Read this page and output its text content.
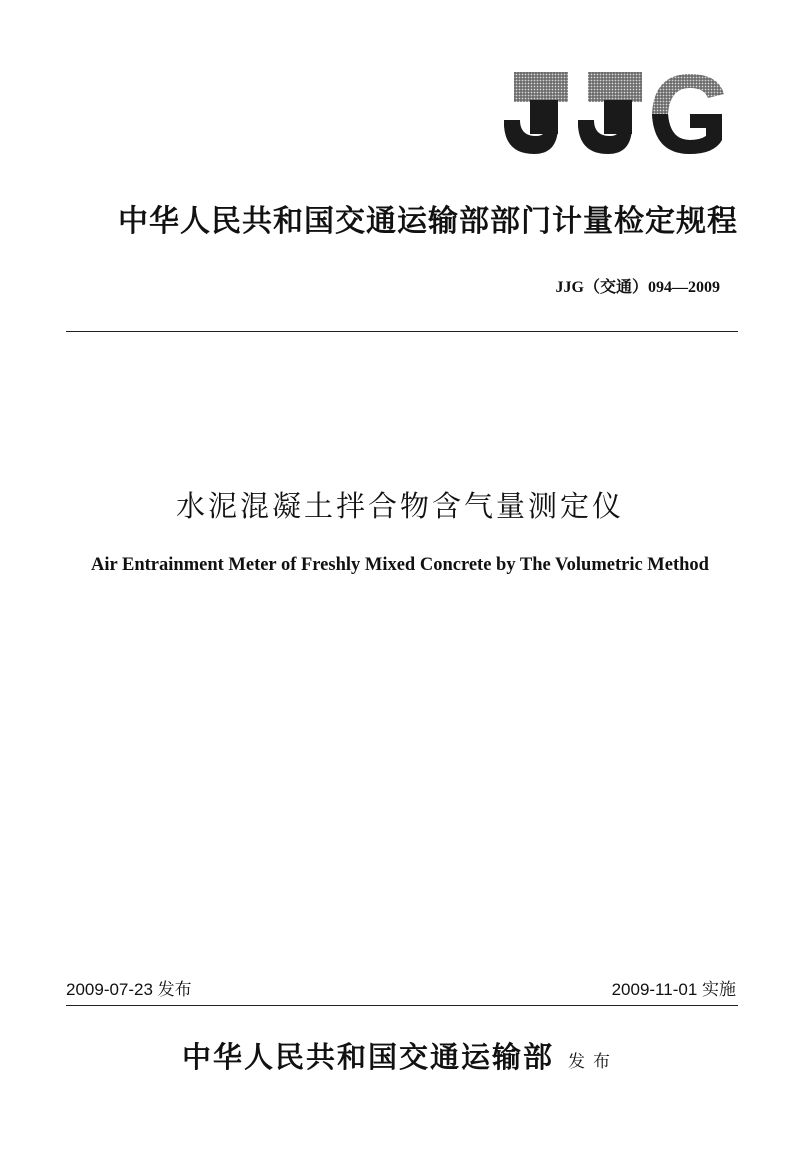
中华人民共和国交通运输部部门计量检定规程
JJG（交通）094—2009
水泥混凝土拌合物含气量测定仪
Air Entrainment Meter of Freshly Mixed Concrete by The Volumetric Method
2009-07-23 发布	2009-11-01 实施
中华人民共和国交通运输部 发布
